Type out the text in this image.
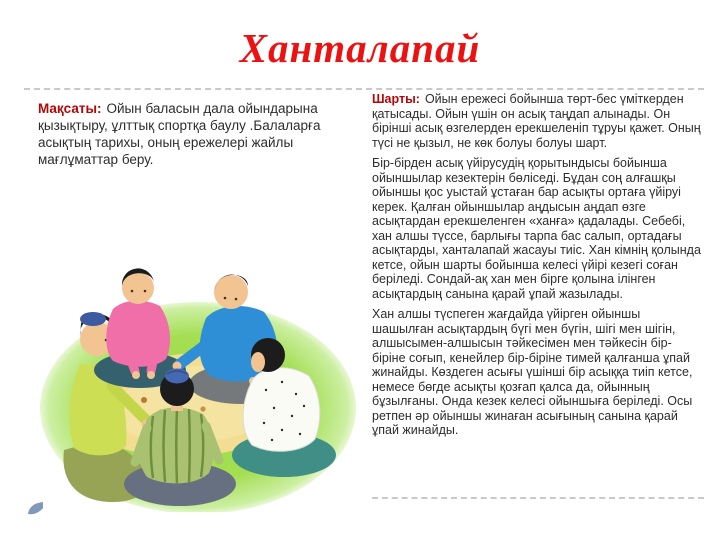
Ханталапай

Мақсаты: Ойын баласын дала ойындарына қызықтыру, ұлттық спортқа баулу .Балаларға асықтың тарихы, оның ережелері жайлы мағлұматтар беру.

Шарты: Ойын ережесі бойынша төрт-бес үміткерден қатысады. Ойын үшін он асық таңдап алынады. Он бірінші асық өзгелерден ерекшеленіп тұруы қажет. Оның түсі не қызыл, не көк болуы болуы шарт.

Бір-бірден асық үйірусудің қорытындысы бойынша ойыншылар кезектерін бөліседі. Бұдан соң алғашқы ойыншы қос уыстай ұстаған бар асықты ортаға үйіруі керек. Қалған ойыншылар аңдысын аңдап өзге асықтардан ерекшеленген «ханға» қадалады. Себебі, хан алшы түссе, барлығы тарпа бас салып, ортадағы асықтарды, ханталапай жасауы тиіс. Хан кімнің қолында кетсе, ойын шарты бойынша келесі үйірі кезегі соған беріледі. Сондай-ақ хан мен бірге қолына ілінген асықтардың санына қарай ұпай жазылады.

Хан алшы түспеген жағдайда үйірген ойыншы шашылған асықтардың бүгі мен бүгін, шігі мен шігін, алшысымен-алшысын тәйкесімен мен тәйкесін бір-біріне соғып, кенейлер бір-біріне тимей қалғанша ұпай жинайды. Көздеген асығы үшінші бір асыққа тиіп кетсе, немесе бөгде асықты қозғап қалса да, ойынның бұзылғаны. Онда кезек келесі ойыншыға беріледі. Осы ретпен әр ойыншы жинаған асығының санына қарай ұпай жинайды.
